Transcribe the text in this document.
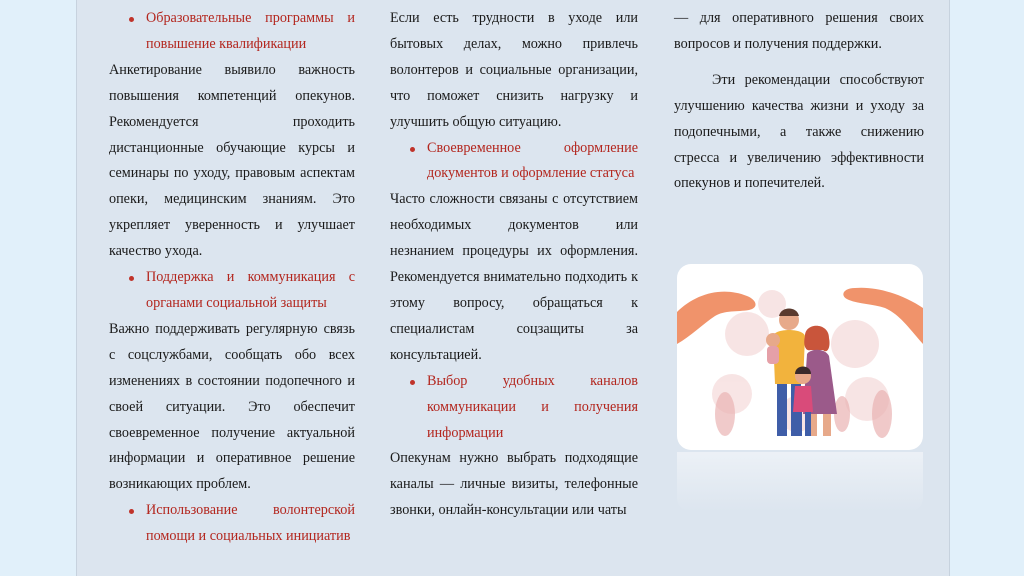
Образовательные программы и повышение квалификации

Анкетирование выявило важность повышения компетенций опекунов. Рекомендуется проходить дистанционные обучающие курсы и семинары по уходу, правовым аспектам опеки, медицинским знаниям. Это укрепляет уверенность и улучшает качество ухода.

Поддержка и коммуникация с органами социальной защиты

Важно поддерживать регулярную связь с соцслужбами, сообщать обо всех изменениях в состоянии подопечного и своей ситуации. Это обеспечит своевременное получение актуальной информации и оперативное решение возникающих проблем.

Использование волонтерской помощи и социальных инициатив

Если есть трудности в уходе или бытовых делах, можно привлечь волонтеров и социальные организации, что поможет снизить нагрузку и улучшить общую ситуацию.

Своевременное оформление документов и оформление статуса

Часто сложности связаны с отсутствием необходимых документов или незнанием процедуры их оформления. Рекомендуется внимательно подходить к этому вопросу, обращаться к специалистам соцзащиты за консультацией.

Выбор удобных каналов коммуникации и получения информации

Опекунам нужно выбрать подходящие каналы — личные визиты, телефонные звонки, онлайн-консультации или чаты

— для оперативного решения своих вопросов и получения поддержки.

Эти рекомендации способствуют улучшению качества жизни и уходу за подопечными, а также снижению стресса и увеличению эффективности опекунов и попечителей.
